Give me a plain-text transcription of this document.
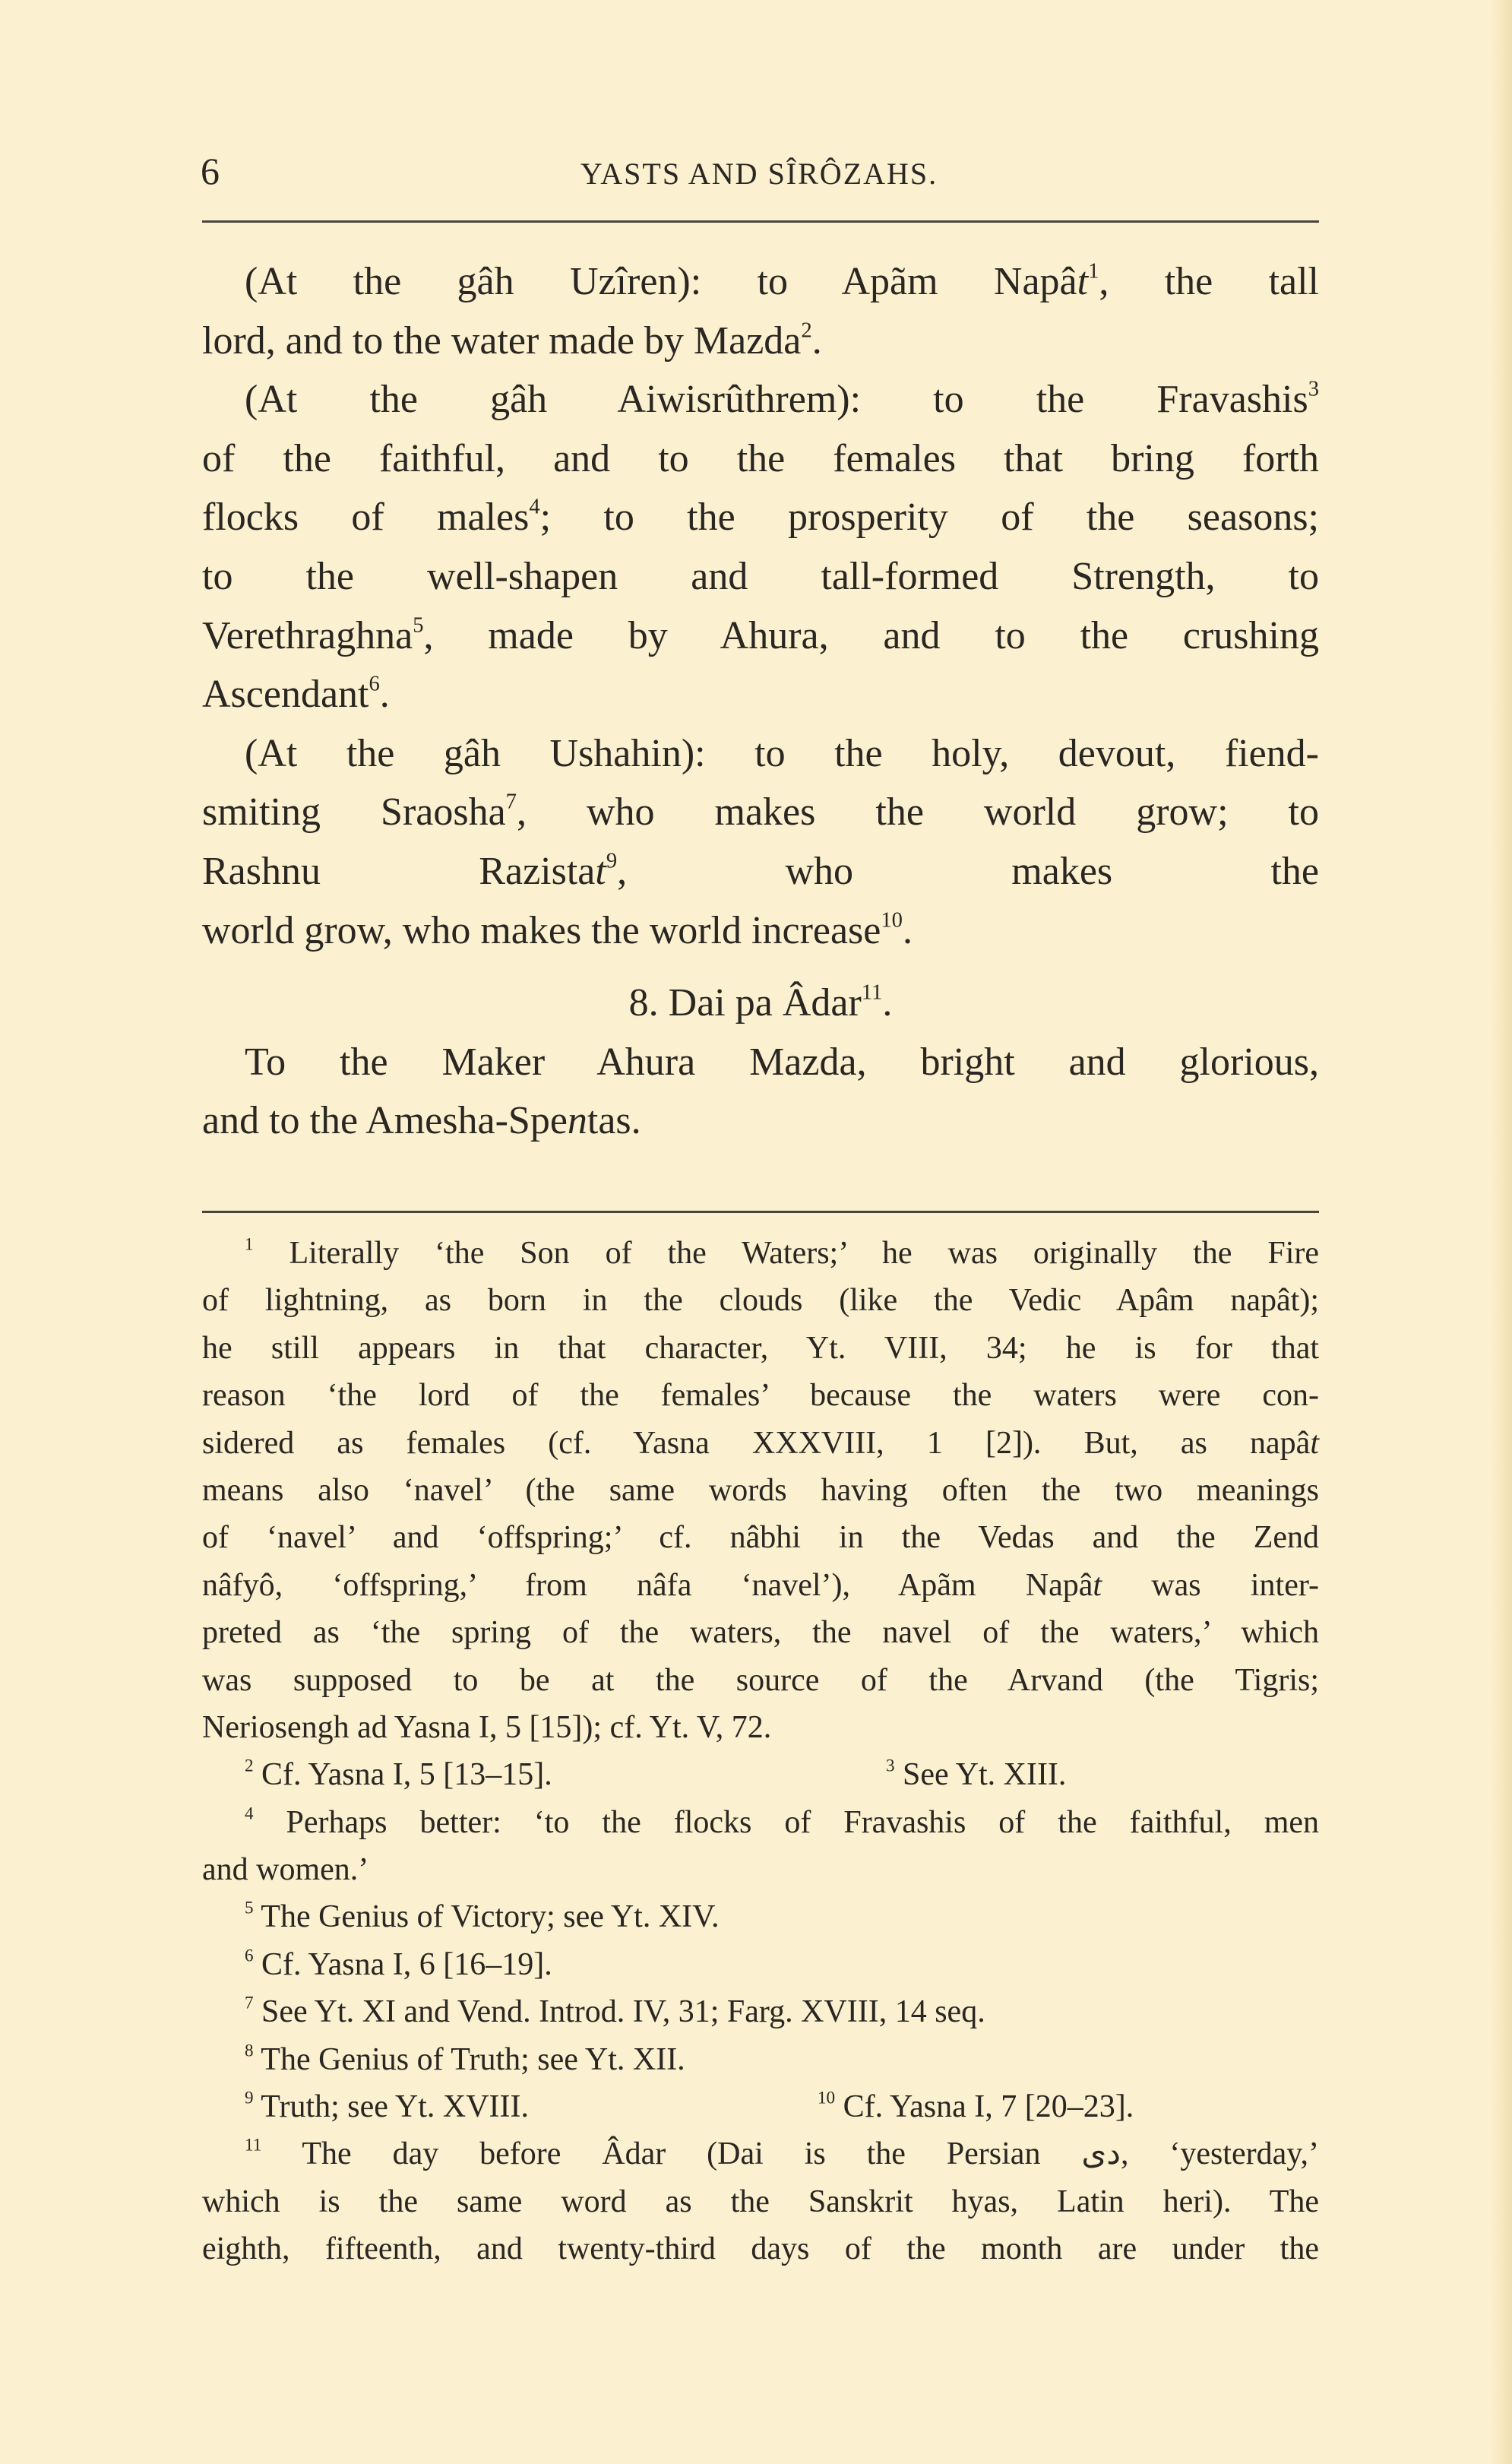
6	YASTS AND SÎRÔZAHS.
(At the gâh Uzîren): to Apãm Napât$^1$, the tall
lord, and to the water made by Mazda$^2$.
(At the gâh Aiwisrûthrem): to the Fravashis$^3$
of the faithful, and to the females that bring forth
flocks of males$^4$; to the prosperity of the seasons;
to the well-shapen and tall-formed Strength, to
Verethraghna$^5$, made by Ahura, and to the crushing
Ascendant$^6$.
(At the gâh Ushahin): to the holy, devout, fiend-
smiting Sraosha$^7$, who makes the world grow; to
Rashnu Razistat$^9$, who makes the
world grow, who makes the world increase$^{10}$.
8. Dai pa Âdar$^{11}$.
To the Maker Ahura Mazda, bright and glorious,
and to the Amesha-Spentas.
$^1$ Literally ‘the Son of the Waters;’ he was originally the Fire
of lightning, as born in the clouds (like the Vedic Apâm napât);
he still appears in that character, Yt. VIII, 34; he is for that
reason ‘the lord of the females’ because the waters were con-
sidered as females (cf. Yasna XXXVIII, 1 [2]). But, as napât
means also ‘navel’ (the same words having often the two meanings
of ‘navel’ and ‘offspring;’ cf. nâbhi in the Vedas and the Zend
nâfyô, ‘offspring,’ from nâfa ‘navel’), Apãm Napât was inter-
preted as ‘the spring of the waters, the navel of the waters,’ which
was supposed to be at the source of the Arvand (the Tigris;
Neriosengh ad Yasna I, 5 [15]); cf. Yt. V, 72.
$^2$ Cf. Yasna I, 5 [13–15].	$^3$ See Yt. XIII.
$^4$ Perhaps better: ‘to the flocks of Fravashis of the faithful, men
and women.’
$^5$ The Genius of Victory; see Yt. XIV.
$^6$ Cf. Yasna I, 6 [16–19].
$^7$ See Yt. XI and Vend. Introd. IV, 31; Farg. XVIII, 14 seq.
$^8$ The Genius of Truth; see Yt. XII.
$^9$ Truth; see Yt. XVIII.	$^{10}$ Cf. Yasna I, 7 [20–23].
$^{11}$ The day before Âdar (Dai is the Persian دی, ‘yesterday,’
which is the same word as the Sanskrit hyas, Latin heri). The
eighth, fifteenth, and twenty-third days of the month are under the
